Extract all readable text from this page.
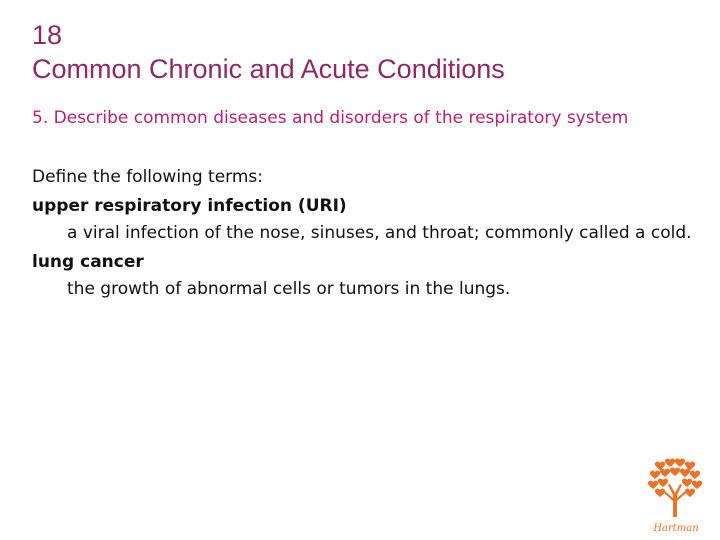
18
Common Chronic and Acute Conditions
5. Describe common diseases and disorders of the respiratory system
Define the following terms:
upper respiratory infection (URI)
a viral infection of the nose, sinuses, and throat; commonly called a cold.
lung cancer
the growth of abnormal cells or tumors in the lungs.
Hartman
